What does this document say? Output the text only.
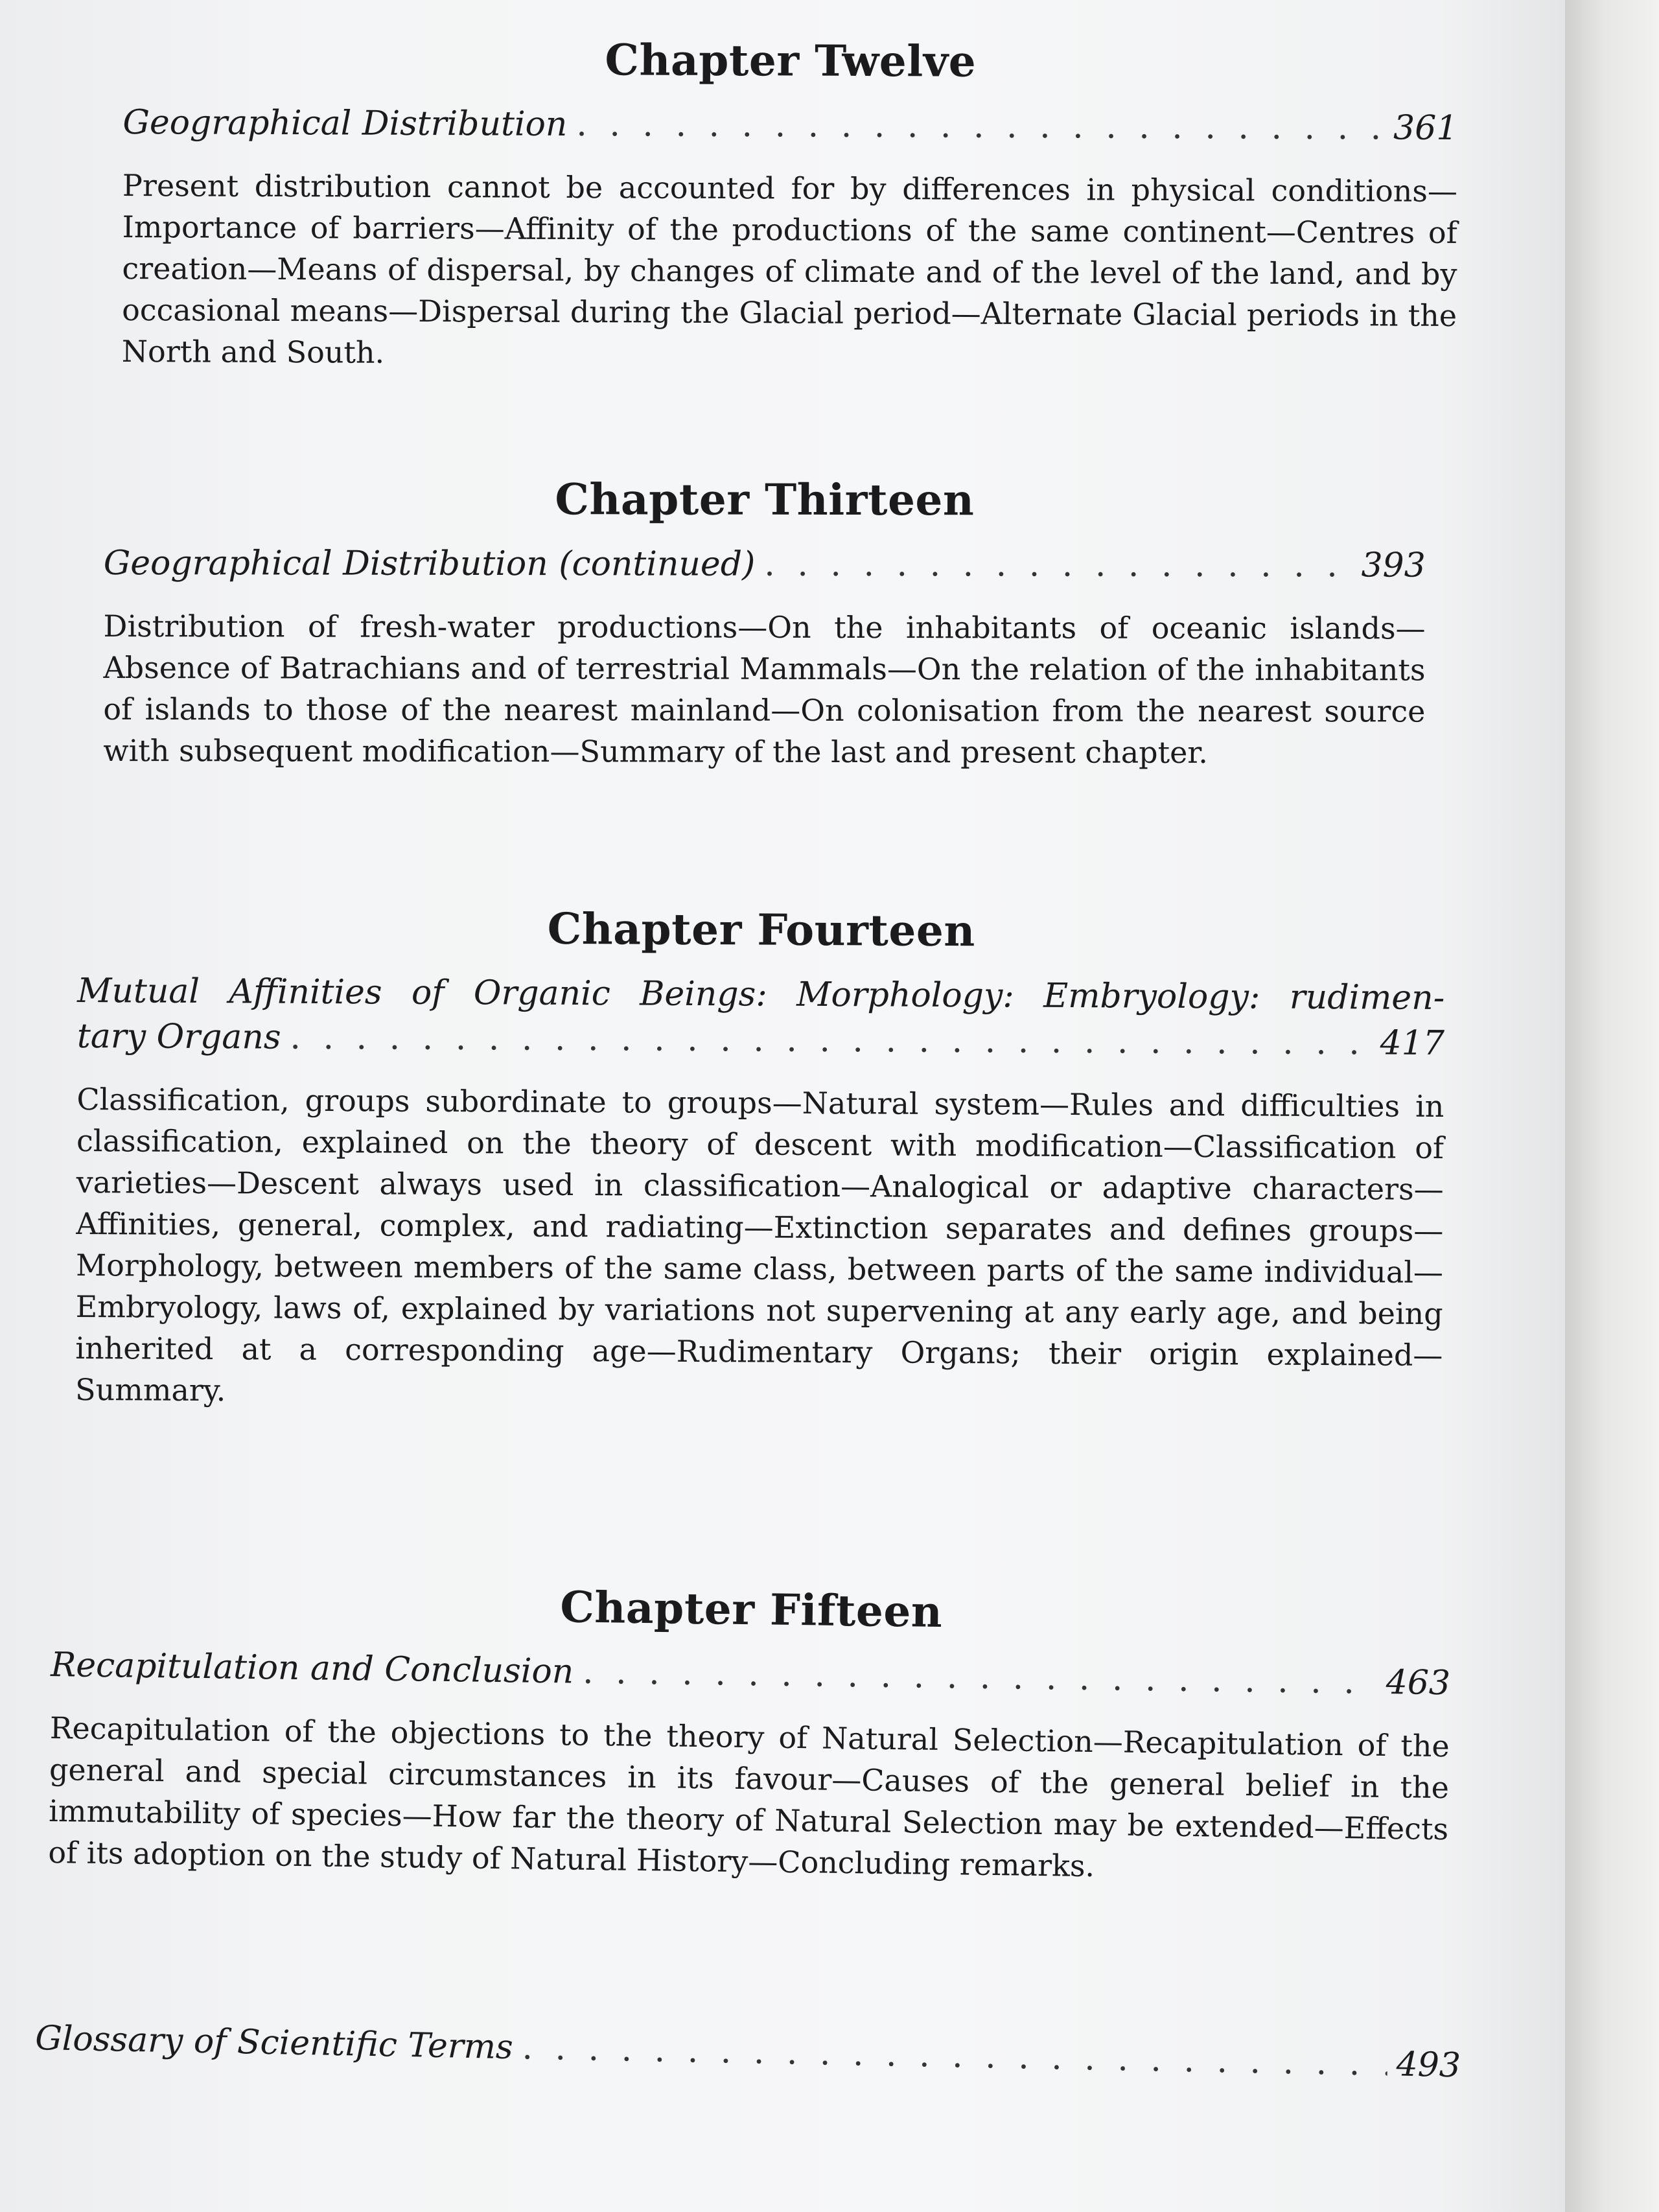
Chapter Twelve
Geographical Distribution . . .	361

Present distribution cannot be accounted for by differences in physical conditions—Importance of barriers—Affinity of the productions of the same continent—Centres of creation—Means of dispersal, by changes of climate and of the level of the land, and by occasional means—Dispersal during the Glacial period—Alternate Glacial periods in the North and South.

Chapter Thirteen
Geographical Distribution (continued) . . .	393

Distribution of fresh-water productions—On the inhabitants of oceanic islands—Absence of Batrachians and of terrestrial Mammals—On the relation of the inhabitants of islands to those of the nearest mainland—On colonisation from the nearest source with subsequent modification—Summary of the last and present chapter.

Chapter Fourteen
Mutual Affinities of Organic Beings: Morphology: Embryology: rudimen-
tary Organs . . .	417

Classification, groups subordinate to groups—Natural system—Rules and difficulties in classification, explained on the theory of descent with modification—Classification of varieties—Descent always used in classification—Analogical or adaptive characters—Affinities, general, complex, and radiating—Extinction separates and defines groups—Morphology, between members of the same class, between parts of the same individual—Embryology, laws of, explained by variations not supervening at any early age, and being inherited at a corresponding age—Rudimentary Organs; their origin explained—Summary.

Chapter Fifteen
Recapitulation and Conclusion . . .	463

Recapitulation of the objections to the theory of Natural Selection—Recapitulation of the general and special circumstances in its favour—Causes of the general belief in the immutability of species—How far the theory of Natural Selection may be extended—Effects of its adoption on the study of Natural History—Concluding remarks.

Glossary of Scientific Terms . . .	493
